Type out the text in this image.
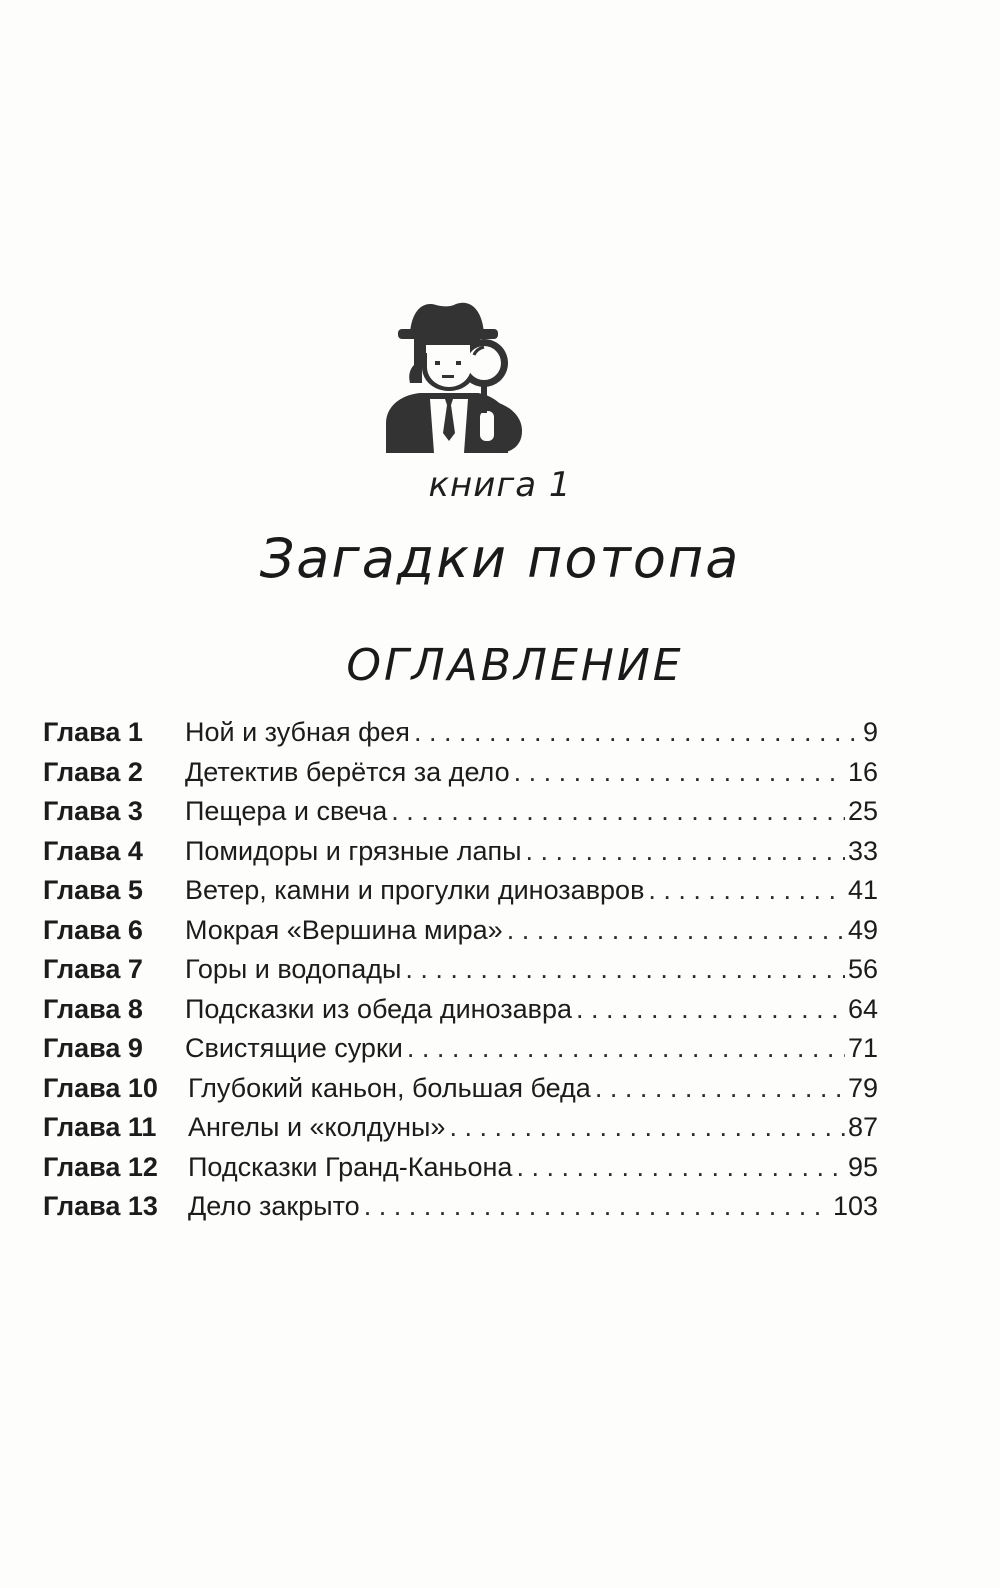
книга 1
Загадки потопа
ОГЛАВЛЕНИЕ
Глава 1	Ной и зубная фея . . .	9
Глава 2	Детектив берётся за дело . . .	16
Глава 3	Пещера и свеча . . .	25
Глава 4	Помидоры и грязные лапы . . .	33
Глава 5	Ветер, камни и прогулки динозавров . . .	41
Глава 6	Мокрая «Вершина мира» . . .	49
Глава 7	Горы и водопады . . .	56
Глава 8	Подсказки из обеда динозавра . . .	64
Глава 9	Свистящие сурки . . .	71
Глава 10	Глубокий каньон, большая беда . . .	79
Глава 11	Ангелы и «колдуны» . . .	87
Глава 12	Подсказки Гранд-Каньона . . .	95
Глава 13	Дело закрыто . . .	103
